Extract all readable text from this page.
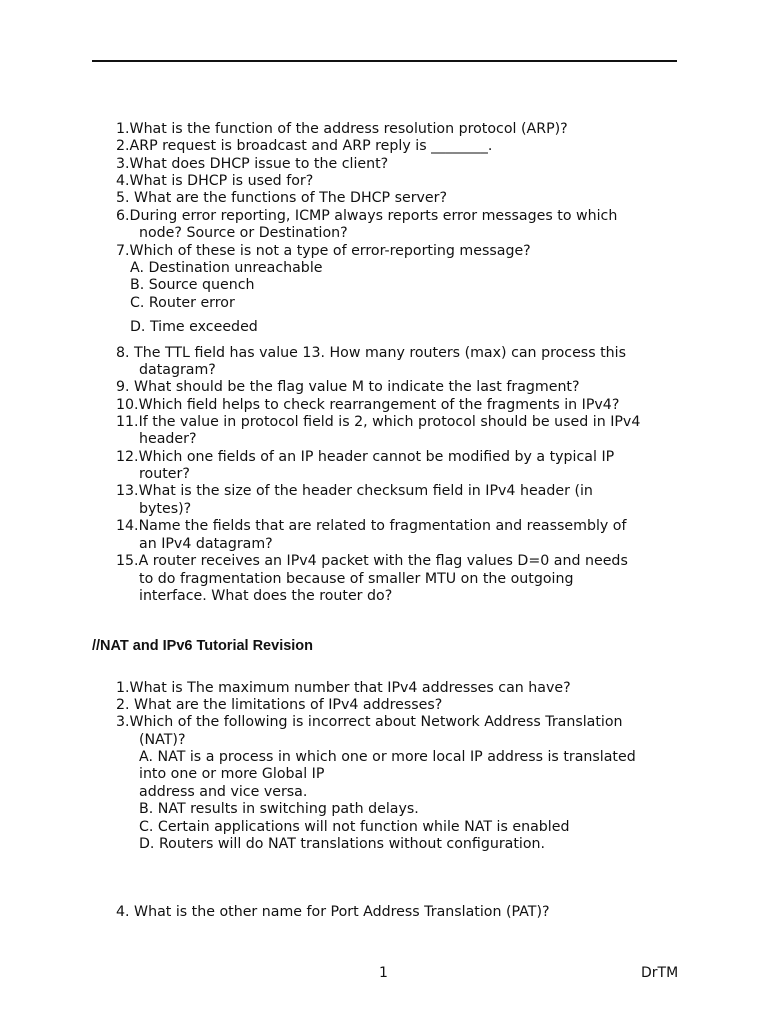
1.What is the function of the address resolution protocol (ARP)?
2.ARP request is broadcast and ARP reply is ________.
3.What does DHCP issue to the client?
4.What is DHCP is used for?
5. What are the functions of The DHCP server?
6.During error reporting, ICMP always reports error messages to which
node? Source or Destination?
7.Which of these is not a type of error-reporting message?
A. Destination unreachable
B. Source quench
C. Router error
D. Time exceeded
8. The TTL field has value 13. How many routers (max) can process this
datagram?
9. What should be the flag value M to indicate the last fragment?
10.Which field helps to check rearrangement of the fragments in IPv4?
11.If the value in protocol field is 2, which protocol should be used in IPv4
header?
12.Which one fields of an IP header cannot be modified by a typical IP
router?
13.What is the size of the header checksum field in IPv4 header (in
bytes)?
14.Name the fields that are related to fragmentation and reassembly of
an IPv4 datagram?
15.A router receives an IPv4 packet with the flag values D=0 and needs
to do fragmentation because of smaller MTU on the outgoing
interface. What does the router do?
//NAT and IPv6 Tutorial Revision
1.What is The maximum number that IPv4 addresses can have?
2. What are the limitations of IPv4 addresses?
3.Which of the following is incorrect about Network Address Translation
(NAT)?
A. NAT is a process in which one or more local IP address is translated
into one or more Global IP
address and vice versa.
B. NAT results in switching path delays.
C. Certain applications will not function while NAT is enabled
D. Routers will do NAT translations without configuration.
4. What is the other name for Port Address Translation (PAT)?
1	DrTM
